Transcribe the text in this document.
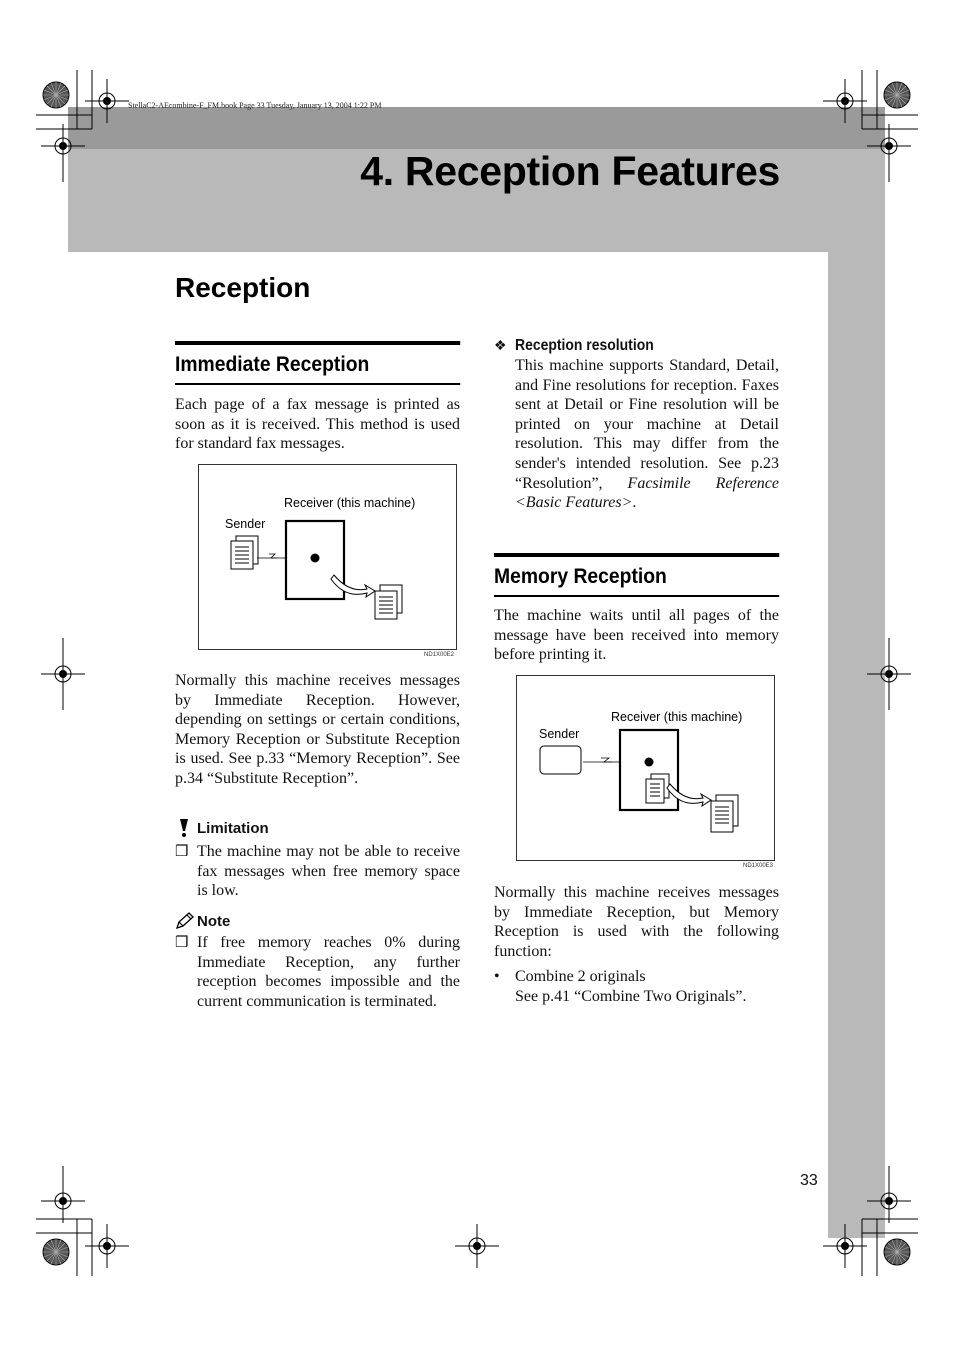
StellaC2-AEcombine-F_FM.book Page 33 Tuesday, January 13, 2004 1:22 PM
4. Reception Features
Reception
Immediate Reception
Each page of a fax message is printed as soon as it is received. This method is used for standard fax messages.
Receiver (this machine)
Sender
ND1X00E2
Normally this machine receives messages by Immediate Reception. However, depending on settings or certain conditions, Memory Reception or Substitute Reception is used. See p.33 “Memory Reception”. See p.34 “Substitute Reception”.
Limitation
❒ The machine may not be able to receive fax messages when free memory space is low.
Note
❒ If free memory reaches 0% during Immediate Reception, any further reception becomes impossible and the current communication is terminated.
❖ Reception resolution
This machine supports Standard, Detail, and Fine resolutions for reception. Faxes sent at Detail or Fine resolution will be printed on your machine at Detail resolution. This may differ from the sender's intended resolution. See p.23 “Resolution”, Facsimile Reference <Basic Features>.
Memory Reception
The machine waits until all pages of the message have been received into memory before printing it.
Receiver (this machine)
Sender
ND1X00E3
Normally this machine receives messages by Immediate Reception, but Memory Reception is used with the following function:
• Combine 2 originals
See p.41 “Combine Two Originals”.
33
